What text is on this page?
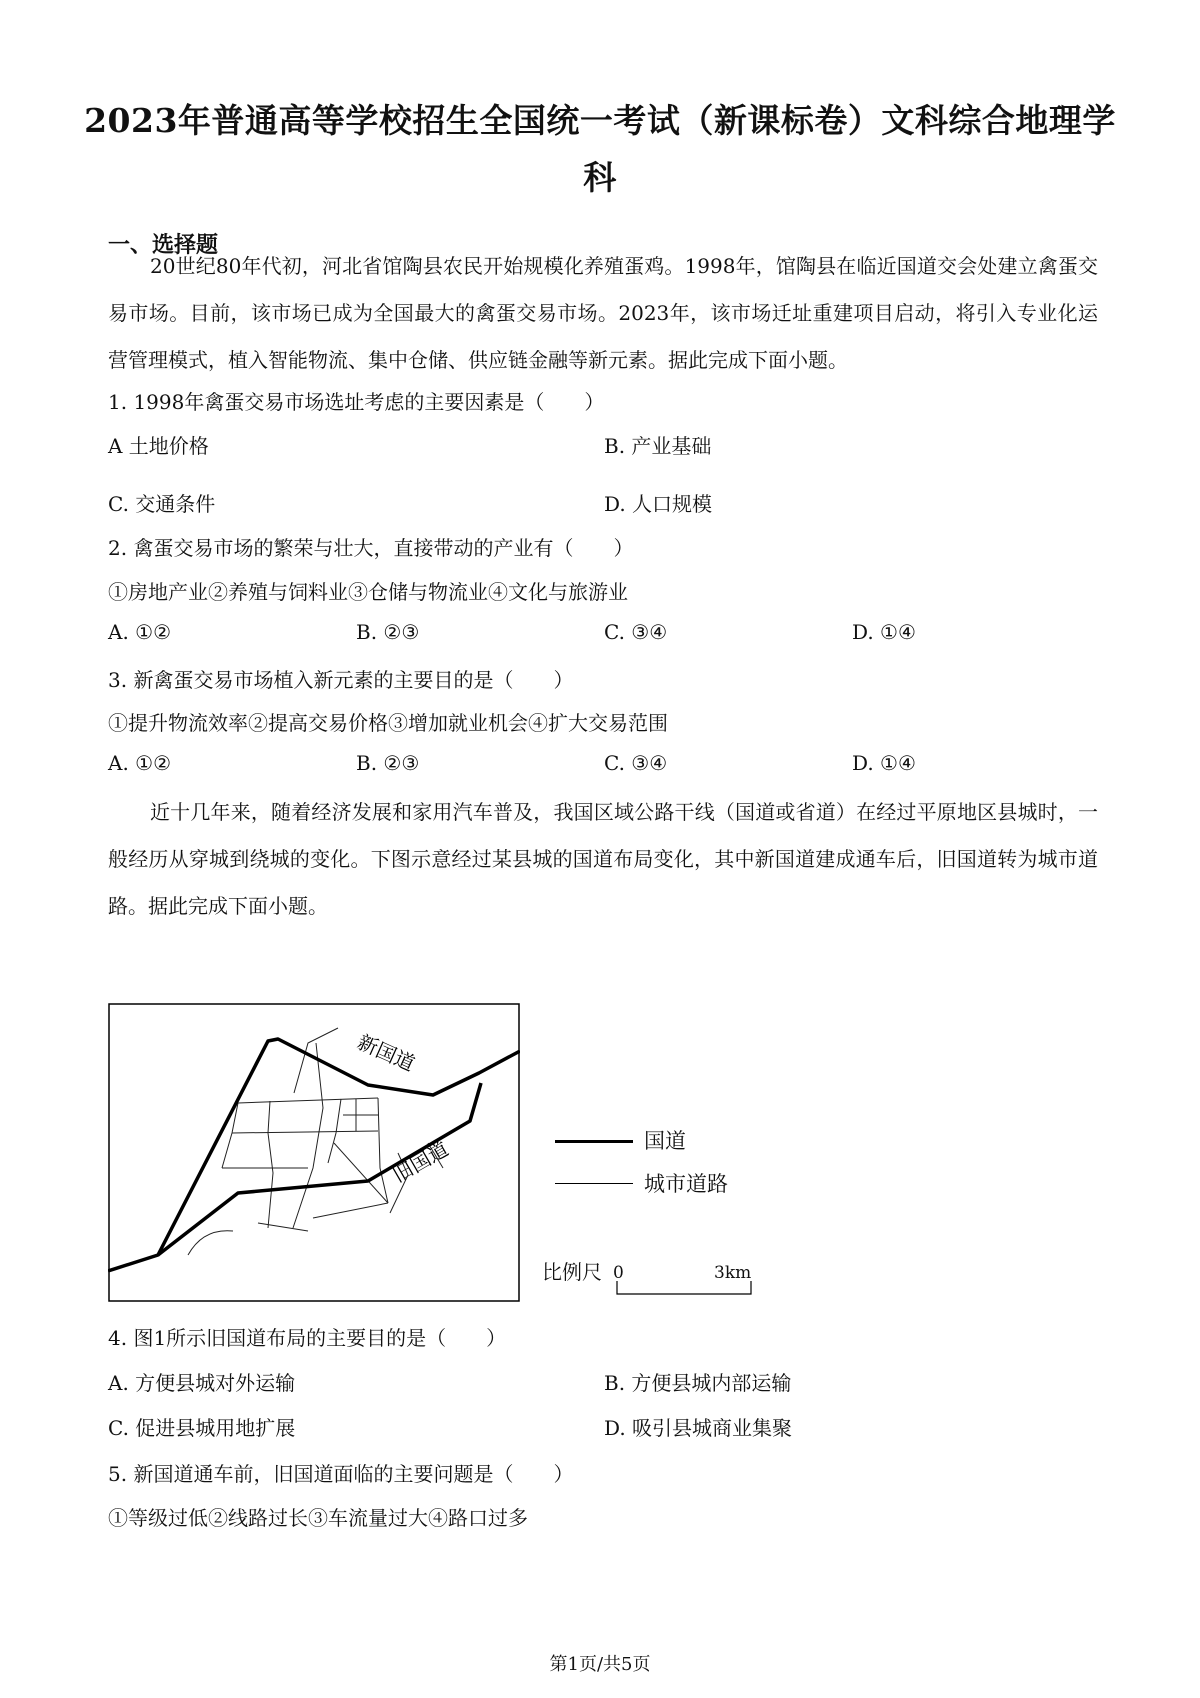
2023年普通高等学校招生全国统一考试（新课标卷）文科综合地理学
科
一、选择题
20世纪80年代初，河北省馆陶县农民开始规模化养殖蛋鸡。1998年，馆陶县在临近国道交会处建立禽蛋交易市场。目前，该市场已成为全国最大的禽蛋交易市场。2023年，该市场迁址重建项目启动，将引入专业化运营管理模式，植入智能物流、集中仓储、供应链金融等新元素。据此完成下面小题。
1. 1998年禽蛋交易市场选址考虑的主要因素是（　　）
A 土地价格	B. 产业基础
C. 交通条件	D. 人口规模
2. 禽蛋交易市场的繁荣与壮大，直接带动的产业有（　　）
①房地产业②养殖与饲料业③仓储与物流业④文化与旅游业
A. ①②	B. ②③	C. ③④	D. ①④
3. 新禽蛋交易市场植入新元素的主要目的是（　　）
①提升物流效率②提高交易价格③增加就业机会④扩大交易范围
A. ①②	B. ②③	C. ③④	D. ①④
近十几年来，随着经济发展和家用汽车普及，我国区域公路干线（国道或省道）在经过平原地区县城时，一般经历从穿城到绕城的变化。下图示意经过某县城的国道布局变化，其中新国道建成通车后，旧国道转为城市道路。据此完成下面小题。
新国道
旧国道	国道
城市道路
比例尺 0	3km
4. 图1所示旧国道布局的主要目的是（　　）
A. 方便县城对外运输	B. 方便县城内部运输
C. 促进县城用地扩展	D. 吸引县城商业集聚
5. 新国道通车前，旧国道面临的主要问题是（　　）
①等级过低②线路过长③车流量过大④路口过多
第1页/共5页
